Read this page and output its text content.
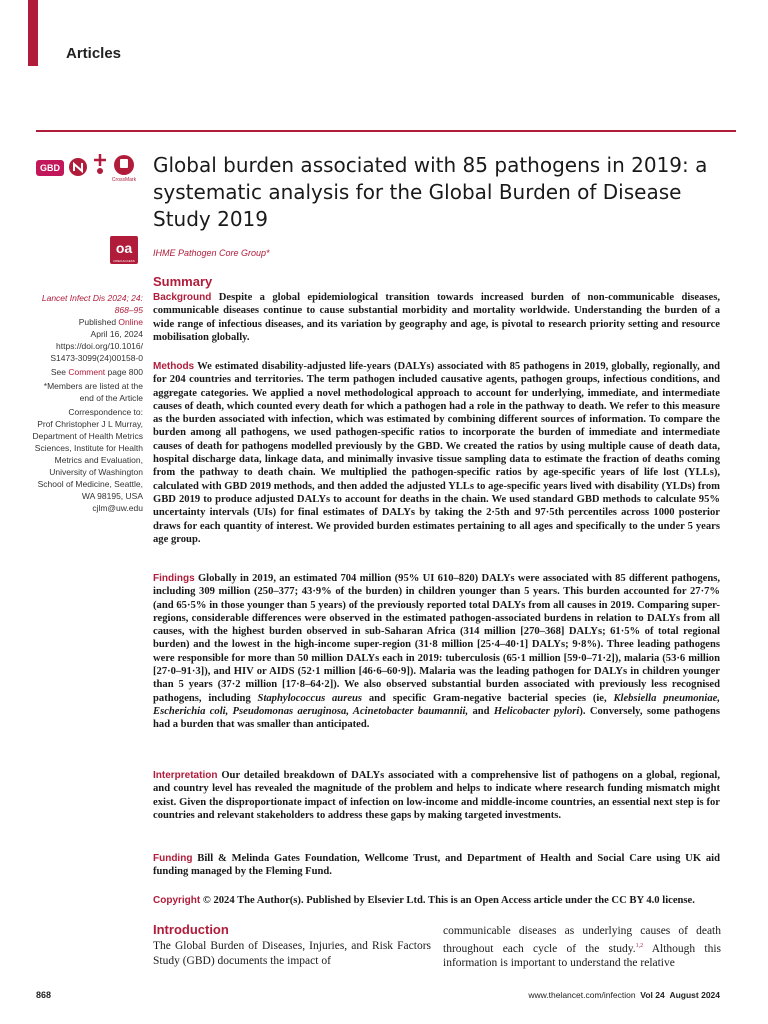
Articles
GBD
CrossMark
oa
OPEN ACCESS
Global burden associated with 85 pathogens in 2019: a systematic analysis for the Global Burden of Disease Study 2019
IHME Pathogen Core Group*
Summary
Lancet Infect Dis 2024; 24: 868–95
Published Online
April 16, 2024
https://doi.org/10.1016/ S1473-3099(24)00158-0
See Comment page 800
*Members are listed at the end of the Article
Correspondence to:
Prof Christopher J L Murray, Department of Health Metrics Sciences, Institute for Health Metrics and Evaluation, University of Washington School of Medicine, Seattle, WA 98195, USA
cjlm@uw.edu

Background Despite a global epidemiological transition towards increased burden of non-communicable diseases, communicable diseases continue to cause substantial morbidity and mortality worldwide. Understanding the burden of a wide range of infectious diseases, and its variation by geography and age, is pivotal to research priority setting and resource mobilisation globally.

Methods We estimated disability-adjusted life-years (DALYs) associated with 85 pathogens in 2019, globally, regionally, and for 204 countries and territories. The term pathogen included causative agents, pathogen groups, infectious conditions, and aggregate categories. We applied a novel methodological approach to account for underlying, immediate, and intermediate causes of death, which counted every death for which a pathogen had a role in the pathway to death. We refer to this measure as the burden associated with infection, which was estimated by combining different sources of information. To compare the burden among all pathogens, we used pathogen-specific ratios to incorporate the burden of immediate and intermediate causes of death for pathogens modelled previously by the GBD. We created the ratios by using multiple cause of death data, hospital discharge data, linkage data, and minimally invasive tissue sampling data to estimate the fraction of deaths coming from the pathway to death chain. We multiplied the pathogen-specific ratios by age-specific years of life lost (YLLs), calculated with GBD 2019 methods, and then added the adjusted YLLs to age-specific years lived with disability (YLDs) from GBD 2019 to produce adjusted DALYs to account for deaths in the chain. We used standard GBD methods to calculate 95% uncertainty intervals (UIs) for final estimates of DALYs by taking the 2·5th and 97·5th percentiles across 1000 posterior draws for each quantity of interest. We provided burden estimates pertaining to all ages and specifically to the under 5 years age group.

Findings Globally in 2019, an estimated 704 million (95% UI 610–820) DALYs were associated with 85 different pathogens, including 309 million (250–377; 43·9% of the burden) in children younger than 5 years. This burden accounted for 27·7% (and 65·5% in those younger than 5 years) of the previously reported total DALYs from all causes in 2019. Comparing super-regions, considerable differences were observed in the estimated pathogen-associated burdens in relation to DALYs from all causes, with the highest burden observed in sub-Saharan Africa (314 million [270–368] DALYs; 61·5% of total regional burden) and the lowest in the high-income super-region (31·8 million [25·4–40·1] DALYs; 9·8%). Three leading pathogens were responsible for more than 50 million DALYs each in 2019: tuberculosis (65·1 million [59·0–71·2]), malaria (53·6 million [27·0–91·3]), and HIV or AIDS (52·1 million [46·6–60·9]). Malaria was the leading pathogen for DALYs in children younger than 5 years (37·2 million [17·8–64·2]). We also observed substantial burden associated with previously less recognised pathogens, including Staphylococcus aureus and specific Gram-negative bacterial species (ie, Klebsiella pneumoniae, Escherichia coli, Pseudomonas aeruginosa, Acinetobacter baumannii, and Helicobacter pylori). Conversely, some pathogens had a burden that was smaller than anticipated.

Interpretation Our detailed breakdown of DALYs associated with a comprehensive list of pathogens on a global, regional, and country level has revealed the magnitude of the problem and helps to indicate where research funding mismatch might exist. Given the disproportionate impact of infection on low-income and middle-income countries, an essential next step is for countries and relevant stakeholders to address these gaps by making targeted investments.

Funding Bill & Melinda Gates Foundation, Wellcome Trust, and Department of Health and Social Care using UK aid funding managed by the Fleming Fund.

Copyright © 2024 The Author(s). Published by Elsevier Ltd. This is an Open Access article under the CC BY 4.0 license.

Introduction

The Global Burden of Diseases, Injuries, and Risk Factors Study (GBD) documents the impact of

communicable diseases as underlying causes of death throughout each cycle of the study.$^{1,2}$ Although this information is important to understand the relative

868	www.thelancet.com/infection Vol 24 August 2024
